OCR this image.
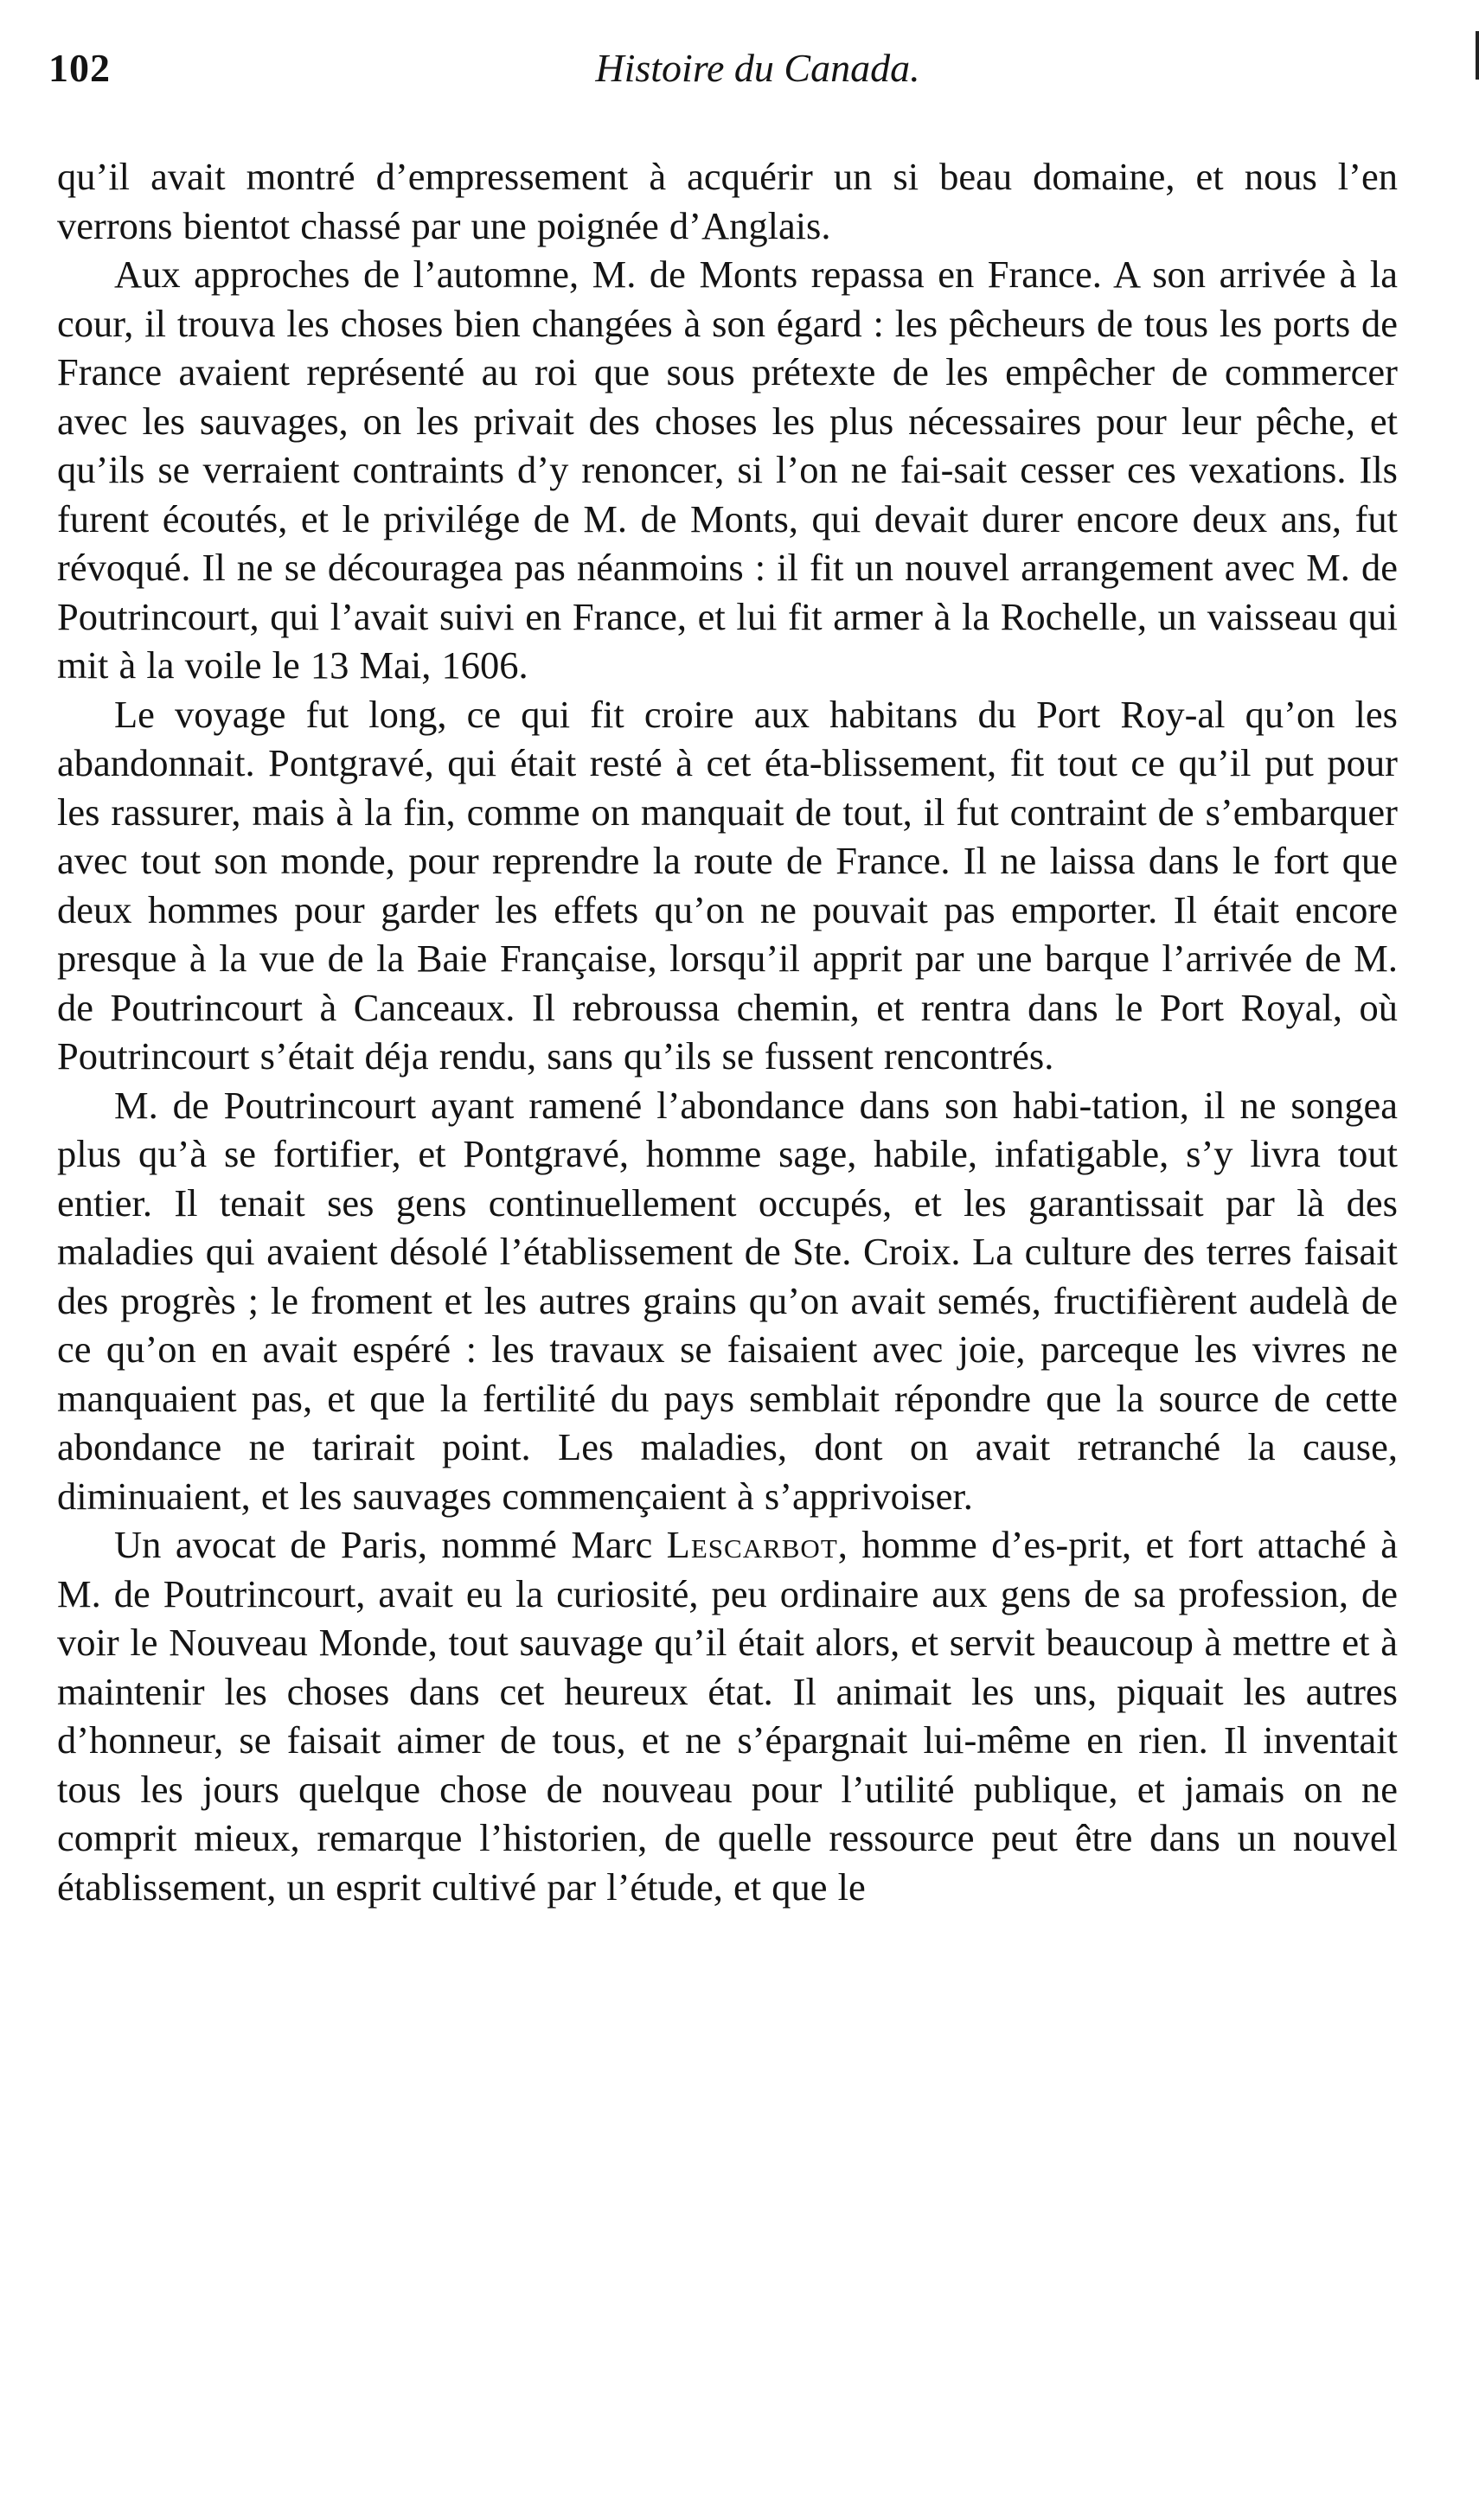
102	Histoire du Canada.

qu’il avait montré d’empressement à acquérir un si beau domaine, et nous l’en verrons bientot chassé par une poignée d’Anglais.

Aux approches de l’automne, M. de Monts repassa en France. A son arrivée à la cour, il trouva les choses bien changées à son égard : les pêcheurs de tous les ports de France avaient représenté au roi que sous prétexte de les empêcher de commercer avec les sauvages, on les privait des choses les plus nécessaires pour leur pêche, et qu’ils se verraient contraints d’y renoncer, si l’on ne fai-sait cesser ces vexations. Ils furent écoutés, et le privilége de M. de Monts, qui devait durer encore deux ans, fut révoqué. Il ne se découragea pas néanmoins : il fit un nouvel arrangement avec M. de Poutrincourt, qui l’avait suivi en France, et lui fit armer à la Rochelle, un vaisseau qui mit à la voile le 13 Mai, 1606.

Le voyage fut long, ce qui fit croire aux habitans du Port Roy-al qu’on les abandonnait. Pontgravé, qui était resté à cet éta-blissement, fit tout ce qu’il put pour les rassurer, mais à la fin, comme on manquait de tout, il fut contraint de s’embarquer avec tout son monde, pour reprendre la route de France. Il ne laissa dans le fort que deux hommes pour garder les effets qu’on ne pouvait pas emporter. Il était encore presque à la vue de la Baie Française, lorsqu’il apprit par une barque l’arrivée de M. de Poutrincourt à Canceaux. Il rebroussa chemin, et rentra dans le Port Royal, où Poutrincourt s’était déja rendu, sans qu’ils se fussent rencontrés.

M. de Poutrincourt ayant ramené l’abondance dans son habi-tation, il ne songea plus qu’à se fortifier, et Pontgravé, homme sage, habile, infatigable, s’y livra tout entier. Il tenait ses gens continuellement occupés, et les garantissait par là des maladies qui avaient désolé l’établissement de Ste. Croix. La culture des terres faisait des progrès ; le froment et les autres grains qu’on avait semés, fructifièrent audelà de ce qu’on en avait espéré : les travaux se faisaient avec joie, parceque les vivres ne manquaient pas, et que la fertilité du pays semblait répondre que la source de cette abondance ne tarirait point. Les maladies, dont on avait retranché la cause, diminuaient, et les sauvages commençaient à s’apprivoiser.

Un avocat de Paris, nommé Marc Lescarbot, homme d’es-prit, et fort attaché à M. de Poutrincourt, avait eu la curiosité, peu ordinaire aux gens de sa profession, de voir le Nouveau Monde, tout sauvage qu’il était alors, et servit beaucoup à mettre et à maintenir les choses dans cet heureux état. Il animait les uns, piquait les autres d’honneur, se faisait aimer de tous, et ne s’épargnait lui-même en rien. Il inventait tous les jours quelque chose de nouveau pour l’utilité publique, et jamais on ne comprit mieux, remarque l’historien, de quelle ressource peut être dans un nouvel établissement, un esprit cultivé par l’étude, et que le
